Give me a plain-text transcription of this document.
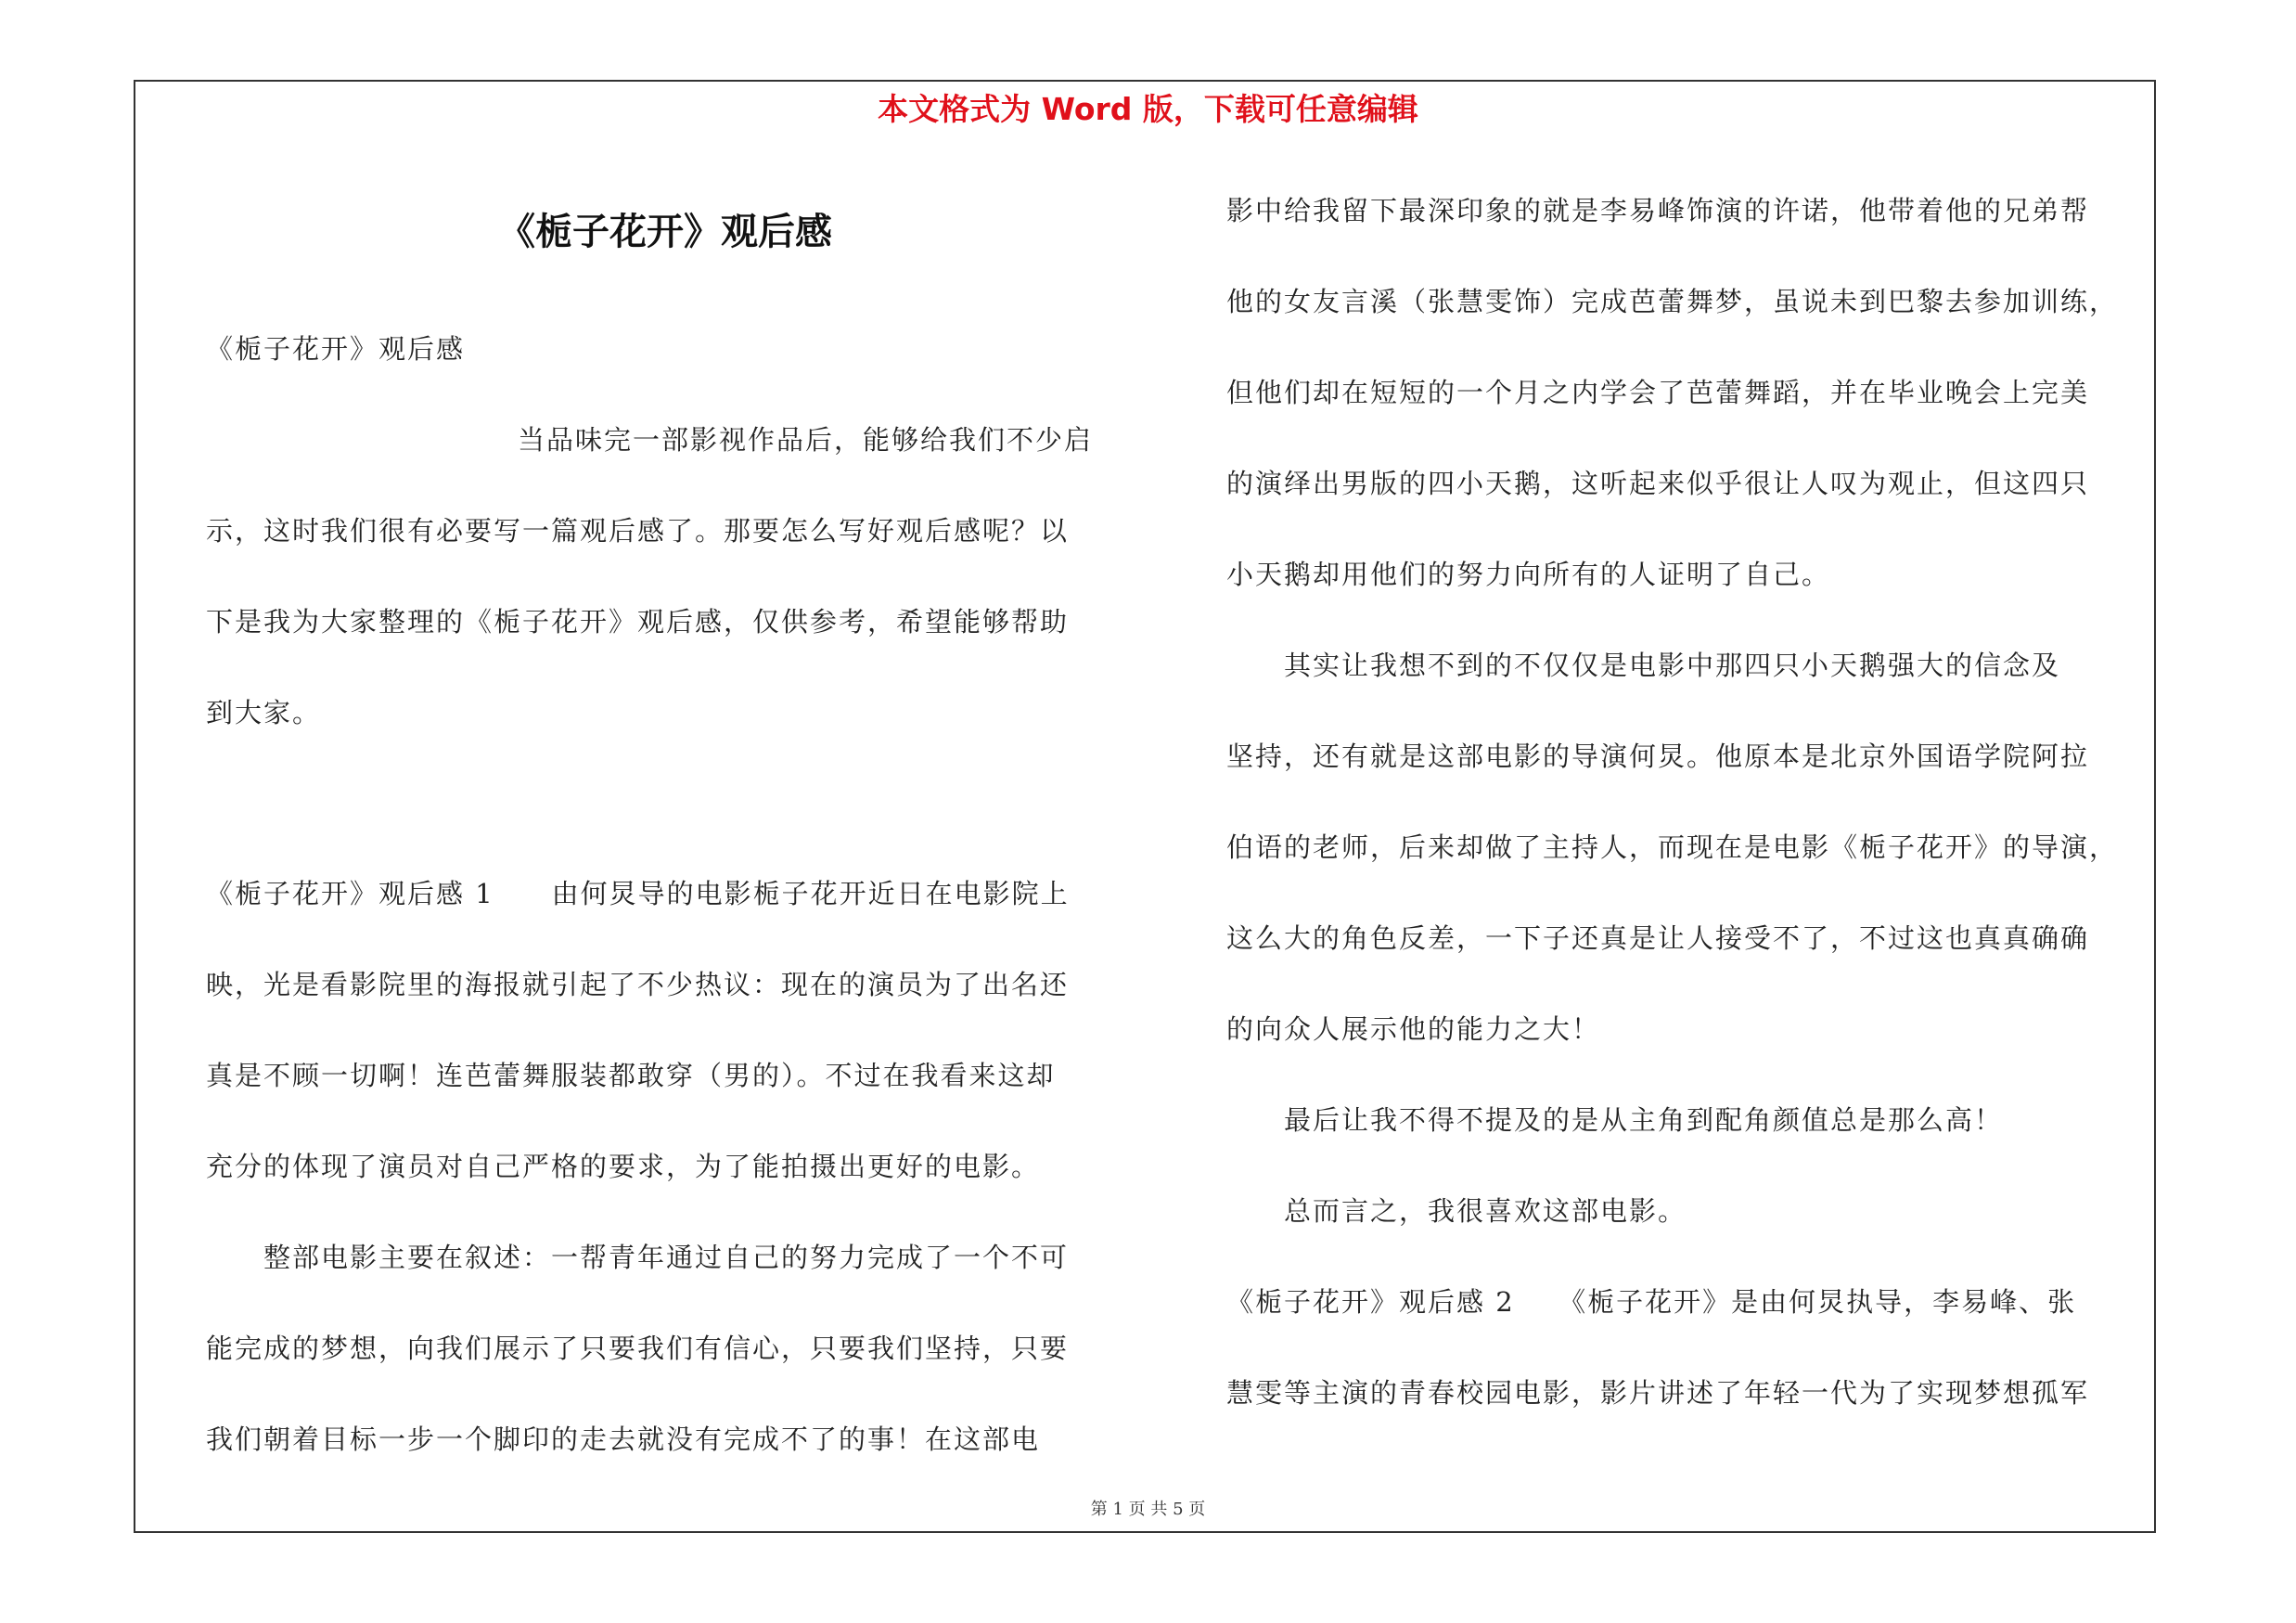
本文格式为 Word 版，下载可任意编辑
《栀子花开》观后感
《栀子花开》观后感
当品味完一部影视作品后，能够给我们不少启
示，这时我们很有必要写一篇观后感了。那要怎么写好观后感呢？以
下是我为大家整理的《栀子花开》观后感，仅供参考，希望能够帮助
到大家。
《栀子花开》观后感 1　　由何炅导的电影栀子花开近日在电影院上
映，光是看影院里的海报就引起了不少热议：现在的演员为了出名还
真是不顾一切啊！连芭蕾舞服装都敢穿（男的）。不过在我看来这却
充分的体现了演员对自己严格的要求，为了能拍摄出更好的电影。
　　整部电影主要在叙述：一帮青年通过自己的努力完成了一个不可
能完成的梦想，向我们展示了只要我们有信心，只要我们坚持，只要
我们朝着目标一步一个脚印的走去就没有完成不了的事！在这部电
影中给我留下最深印象的就是李易峰饰演的许诺，他带着他的兄弟帮
他的女友言溪（张慧雯饰）完成芭蕾舞梦，虽说未到巴黎去参加训练，
但他们却在短短的一个月之内学会了芭蕾舞蹈，并在毕业晚会上完美
的演绎出男版的四小天鹅，这听起来似乎很让人叹为观止，但这四只
小天鹅却用他们的努力向所有的人证明了自己。
　　其实让我想不到的不仅仅是电影中那四只小天鹅强大的信念及
坚持，还有就是这部电影的导演何炅。他原本是北京外国语学院阿拉
伯语的老师，后来却做了主持人，而现在是电影《栀子花开》的导演，
这么大的角色反差，一下子还真是让人接受不了，不过这也真真确确
的向众人展示他的能力之大！
　　最后让我不得不提及的是从主角到配角颜值总是那么高！
　　总而言之，我很喜欢这部电影。
《栀子花开》观后感 2　　《栀子花开》是由何炅执导，李易峰、张
慧雯等主演的青春校园电影，影片讲述了年轻一代为了实现梦想孤军
第 1 页 共 5 页
